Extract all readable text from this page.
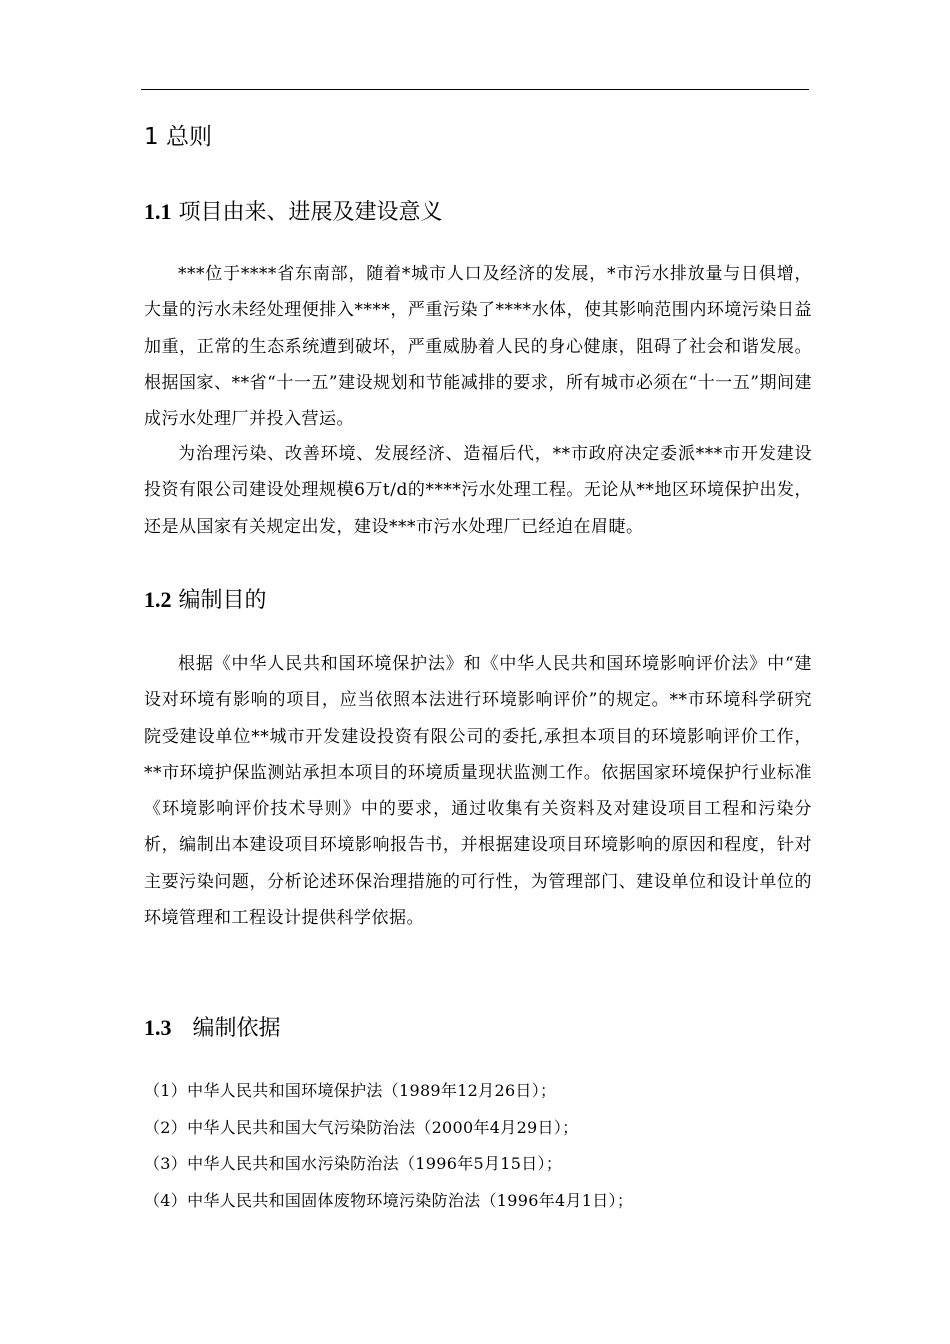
1 总则
1.1 项目由来、进展及建设意义

***位于****省东南部，随着*城市人口及经济的发展，*市污水排放量与日俱增，大量的污水未经处理便排入****，严重污染了****水体，使其影响范围内环境污染日益加重，正常的生态系统遭到破坏，严重威胁着人民的身心健康，阻碍了社会和谐发展。根据国家、**省“十一五”建设规划和节能减排的要求，所有城市必须在“十一五”期间建成污水处理厂并投入营运。

为治理污染、改善环境、发展经济、造福后代，**市政府决定委派***市开发建设投资有限公司建设处理规模6万t/d的****污水处理工程。无论从**地区环境保护出发，还是从国家有关规定出发，建设***市污水处理厂已经迫在眉睫。

1.2 编制目的

根据《中华人民共和国环境保护法》和《中华人民共和国环境影响评价法》中“建设对环境有影响的项目，应当依照本法进行环境影响评价”的规定。**市环境科学研究院受建设单位**城市开发建设投资有限公司的委托,承担本项目的环境影响评价工作，**市环境护保监测站承担本项目的环境质量现状监测工作。依据国家环境保护行业标准《环境影响评价技术导则》中的要求，通过收集有关资料及对建设项目工程和污染分析，编制出本建设项目环境影响报告书，并根据建设项目环境影响的原因和程度，针对主要污染问题，分析论述环保治理措施的可行性，为管理部门、建设单位和设计单位的环境管理和工程设计提供科学依据。

1.3 编制依据
（1）中华人民共和国环境保护法（1989年12月26日）；
（2）中华人民共和国大气污染防治法（2000年4月29日）；
（3）中华人民共和国水污染防治法（1996年5月15日）；
（4）中华人民共和国固体废物环境污染防治法（1996年4月1日）；
